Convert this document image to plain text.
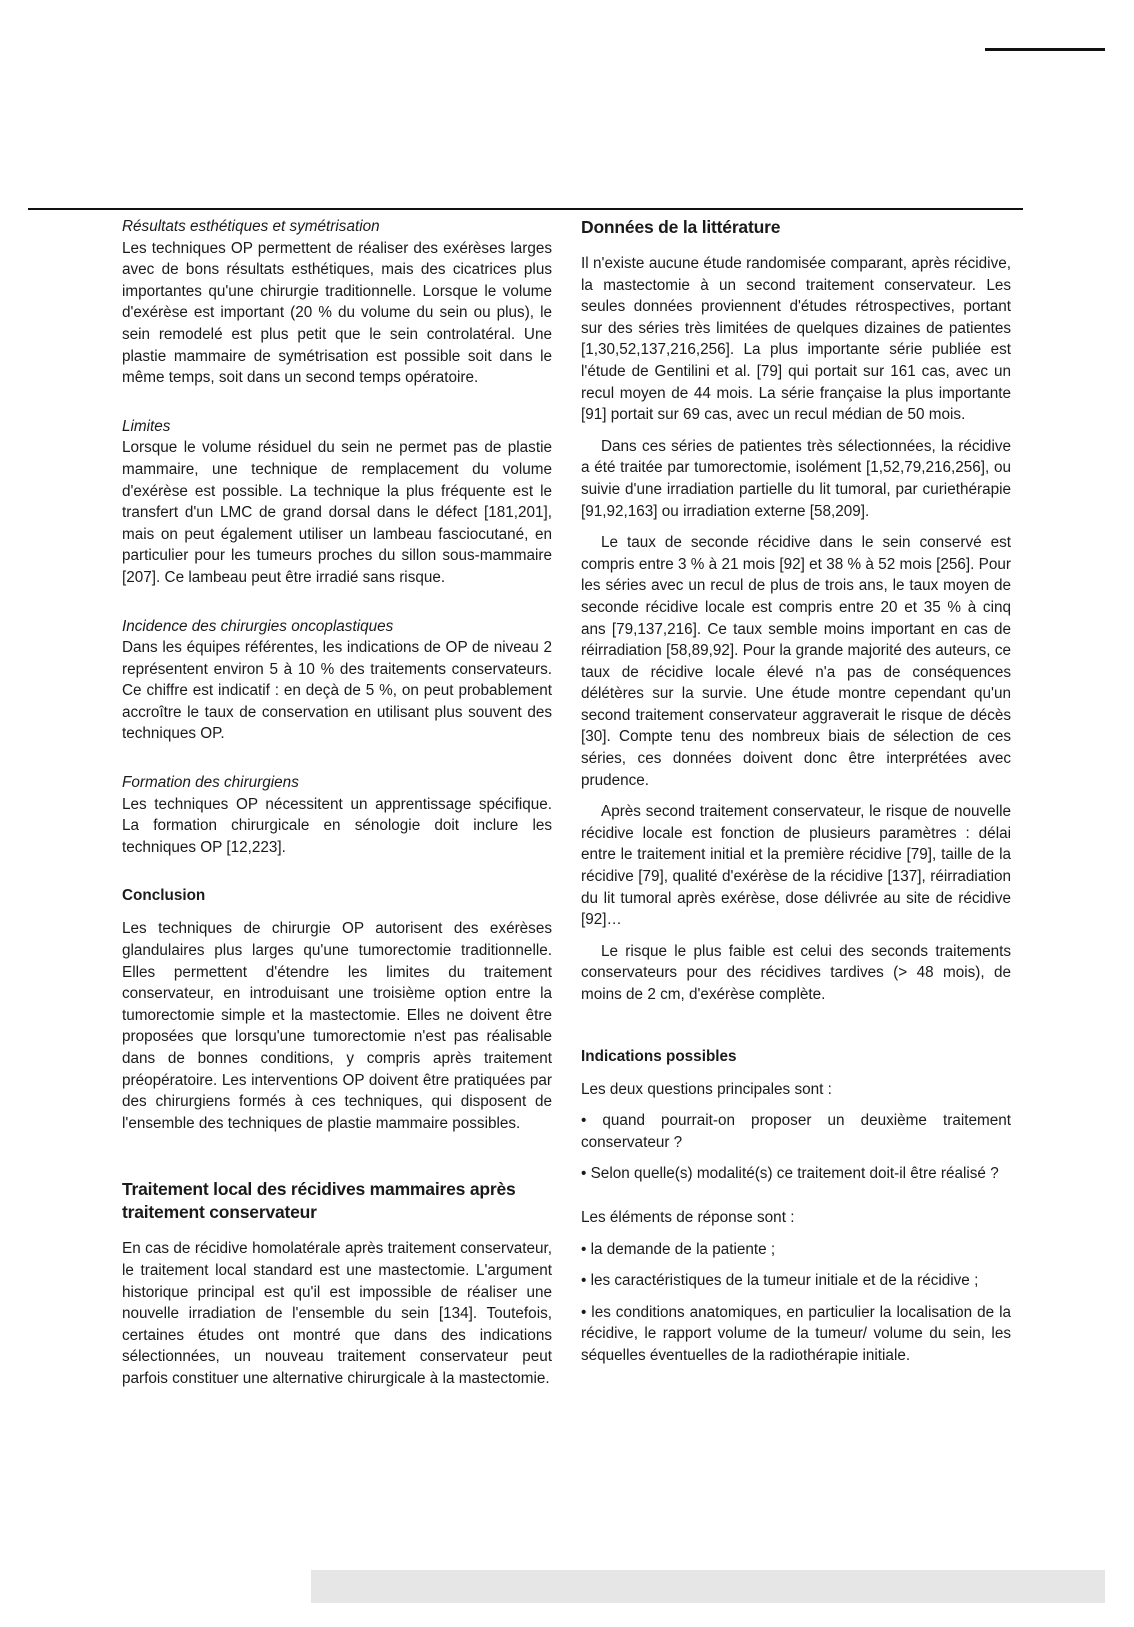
Résultats esthétiques et symétrisation

Les techniques OP permettent de réaliser des exérèses larges avec de bons résultats esthétiques, mais des cicatrices plus importantes qu'une chirurgie traditionnelle. Lorsque le volume d'exérèse est important (20 % du volume du sein ou plus), le sein remodelé est plus petit que le sein controlatéral. Une plastie mammaire de symétrisation est possible soit dans le même temps, soit dans un second temps opératoire.

Limites

Lorsque le volume résiduel du sein ne permet pas de plastie mammaire, une technique de remplacement du volume d'exérèse est possible. La technique la plus fréquente est le transfert d'un LMC de grand dorsal dans le défect [181,201], mais on peut également utiliser un lambeau fasciocutané, en particulier pour les tumeurs proches du sillon sous-mammaire [207]. Ce lambeau peut être irradié sans risque.

Incidence des chirurgies oncoplastiques

Dans les équipes référentes, les indications de OP de niveau 2 représentent environ 5 à 10 % des traitements conservateurs. Ce chiffre est indicatif : en deçà de 5 %, on peut probablement accroître le taux de conservation en utilisant plus souvent des techniques OP.

Formation des chirurgiens

Les techniques OP nécessitent un apprentissage spécifique. La formation chirurgicale en sénologie doit inclure les techniques OP [12,223].

Conclusion

Les techniques de chirurgie OP autorisent des exérèses glandulaires plus larges qu'une tumorectomie traditionnelle. Elles permettent d'étendre les limites du traitement conservateur, en introduisant une troisième option entre la tumorectomie simple et la mastectomie. Elles ne doivent être proposées que lorsqu'une tumorectomie n'est pas réalisable dans de bonnes conditions, y compris après traitement préopératoire. Les interventions OP doivent être pratiquées par des chirurgiens formés à ces techniques, qui disposent de l'ensemble des techniques de plastie mammaire possibles.

Traitement local des récidives mammaires après traitement conservateur

En cas de récidive homolatérale après traitement conservateur, le traitement local standard est une mastectomie. L'argument historique principal est qu'il est impossible de réaliser une nouvelle irradiation de l'ensemble du sein [134]. Toutefois, certaines études ont montré que dans des indications sélectionnées, un nouveau traitement conservateur peut parfois constituer une alternative chirurgicale à la mastectomie.

Données de la littérature

Il n'existe aucune étude randomisée comparant, après récidive, la mastectomie à un second traitement conservateur. Les seules données proviennent d'études rétrospectives, portant sur des séries très limitées de quelques dizaines de patientes [1,30,52,137,216,256]. La plus importante série publiée est l'étude de Gentilini et al. [79] qui portait sur 161 cas, avec un recul moyen de 44 mois. La série française la plus importante [91] portait sur 69 cas, avec un recul médian de 50 mois.

Dans ces séries de patientes très sélectionnées, la récidive a été traitée par tumorectomie, isolément [1,52,79,216,256], ou suivie d'une irradiation partielle du lit tumoral, par curiethérapie [91,92,163] ou irradiation externe [58,209].

Le taux de seconde récidive dans le sein conservé est compris entre 3 % à 21 mois [92] et 38 % à 52 mois [256]. Pour les séries avec un recul de plus de trois ans, le taux moyen de seconde récidive locale est compris entre 20 et 35 % à cinq ans [79,137,216]. Ce taux semble moins important en cas de réirradiation [58,89,92]. Pour la grande majorité des auteurs, ce taux de récidive locale élevé n'a pas de conséquences délétères sur la survie. Une étude montre cependant qu'un second traitement conservateur aggraverait le risque de décès [30]. Compte tenu des nombreux biais de sélection de ces séries, ces données doivent donc être interprétées avec prudence.

Après second traitement conservateur, le risque de nouvelle récidive locale est fonction de plusieurs paramètres : délai entre le traitement initial et la première récidive [79], taille de la récidive [79], qualité d'exérèse de la récidive [137], réirradiation du lit tumoral après exérèse, dose délivrée au site de récidive [92]…

Le risque le plus faible est celui des seconds traitements conservateurs pour des récidives tardives (> 48 mois), de moins de 2 cm, d'exérèse complète.

Indications possibles

Les deux questions principales sont :

• quand pourrait-on proposer un deuxième traitement conservateur ?

• Selon quelle(s) modalité(s) ce traitement doit-il être réalisé ?

Les éléments de réponse sont :

• la demande de la patiente ;

• les caractéristiques de la tumeur initiale et de la récidive ;

• les conditions anatomiques, en particulier la localisation de la récidive, le rapport volume de la tumeur/ volume du sein, les séquelles éventuelles de la radiothérapie initiale.
